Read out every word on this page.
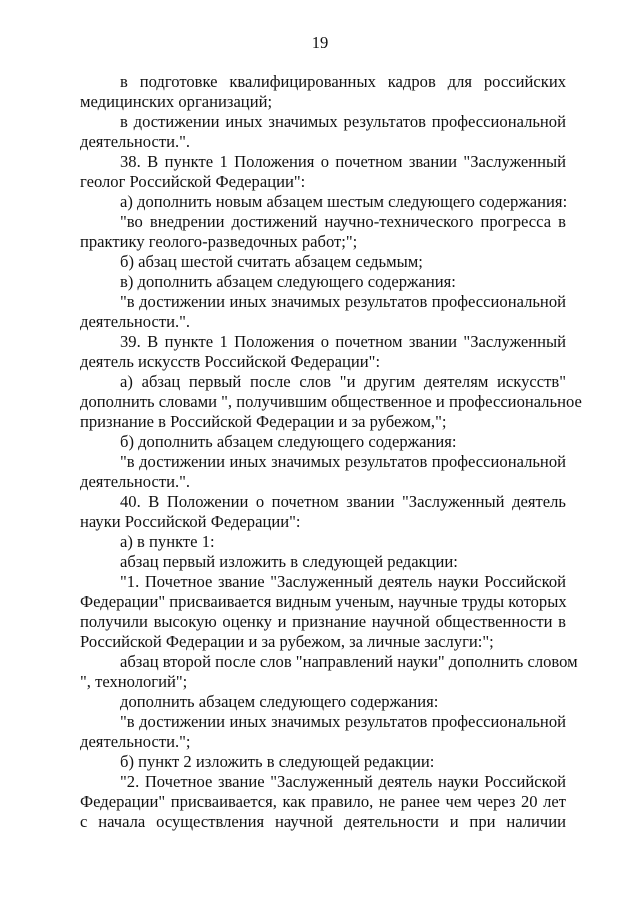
19
в подготовке квалифицированных кадров для российских
медицинских организаций;
в достижении иных значимых результатов профессиональной
деятельности.".
38. В пункте 1 Положения о почетном звании "Заслуженный
геолог Российской Федерации":
а) дополнить новым абзацем шестым следующего содержания:
"во внедрении достижений научно-технического прогресса в
практику геолого-разведочных работ;";
б) абзац шестой считать абзацем седьмым;
в) дополнить абзацем следующего содержания:
"в достижении иных значимых результатов профессиональной
деятельности.".
39. В пункте 1 Положения о почетном звании "Заслуженный
деятель искусств Российской Федерации":
а) абзац первый после слов "и другим деятелям искусств"
дополнить словами ", получившим общественное и профессиональное
признание в Российской Федерации и за рубежом,";
б) дополнить абзацем следующего содержания:
"в достижении иных значимых результатов профессиональной
деятельности.".
40. В Положении о почетном звании "Заслуженный деятель
науки Российской Федерации":
а) в пункте 1:
абзац первый изложить в следующей редакции:
"1. Почетное звание "Заслуженный деятель науки Российской
Федерации" присваивается видным ученым, научные труды которых
получили высокую оценку и признание научной общественности в
Российской Федерации и за рубежом, за личные заслуги:";
абзац второй после слов "направлений науки" дополнить словом
", технологий";
дополнить абзацем следующего содержания:
"в достижении иных значимых результатов профессиональной
деятельности.";
б) пункт 2 изложить в следующей редакции:
"2. Почетное звание "Заслуженный деятель науки Российской
Федерации" присваивается, как правило, не ранее чем через 20 лет
с начала осуществления научной деятельности и при наличии
